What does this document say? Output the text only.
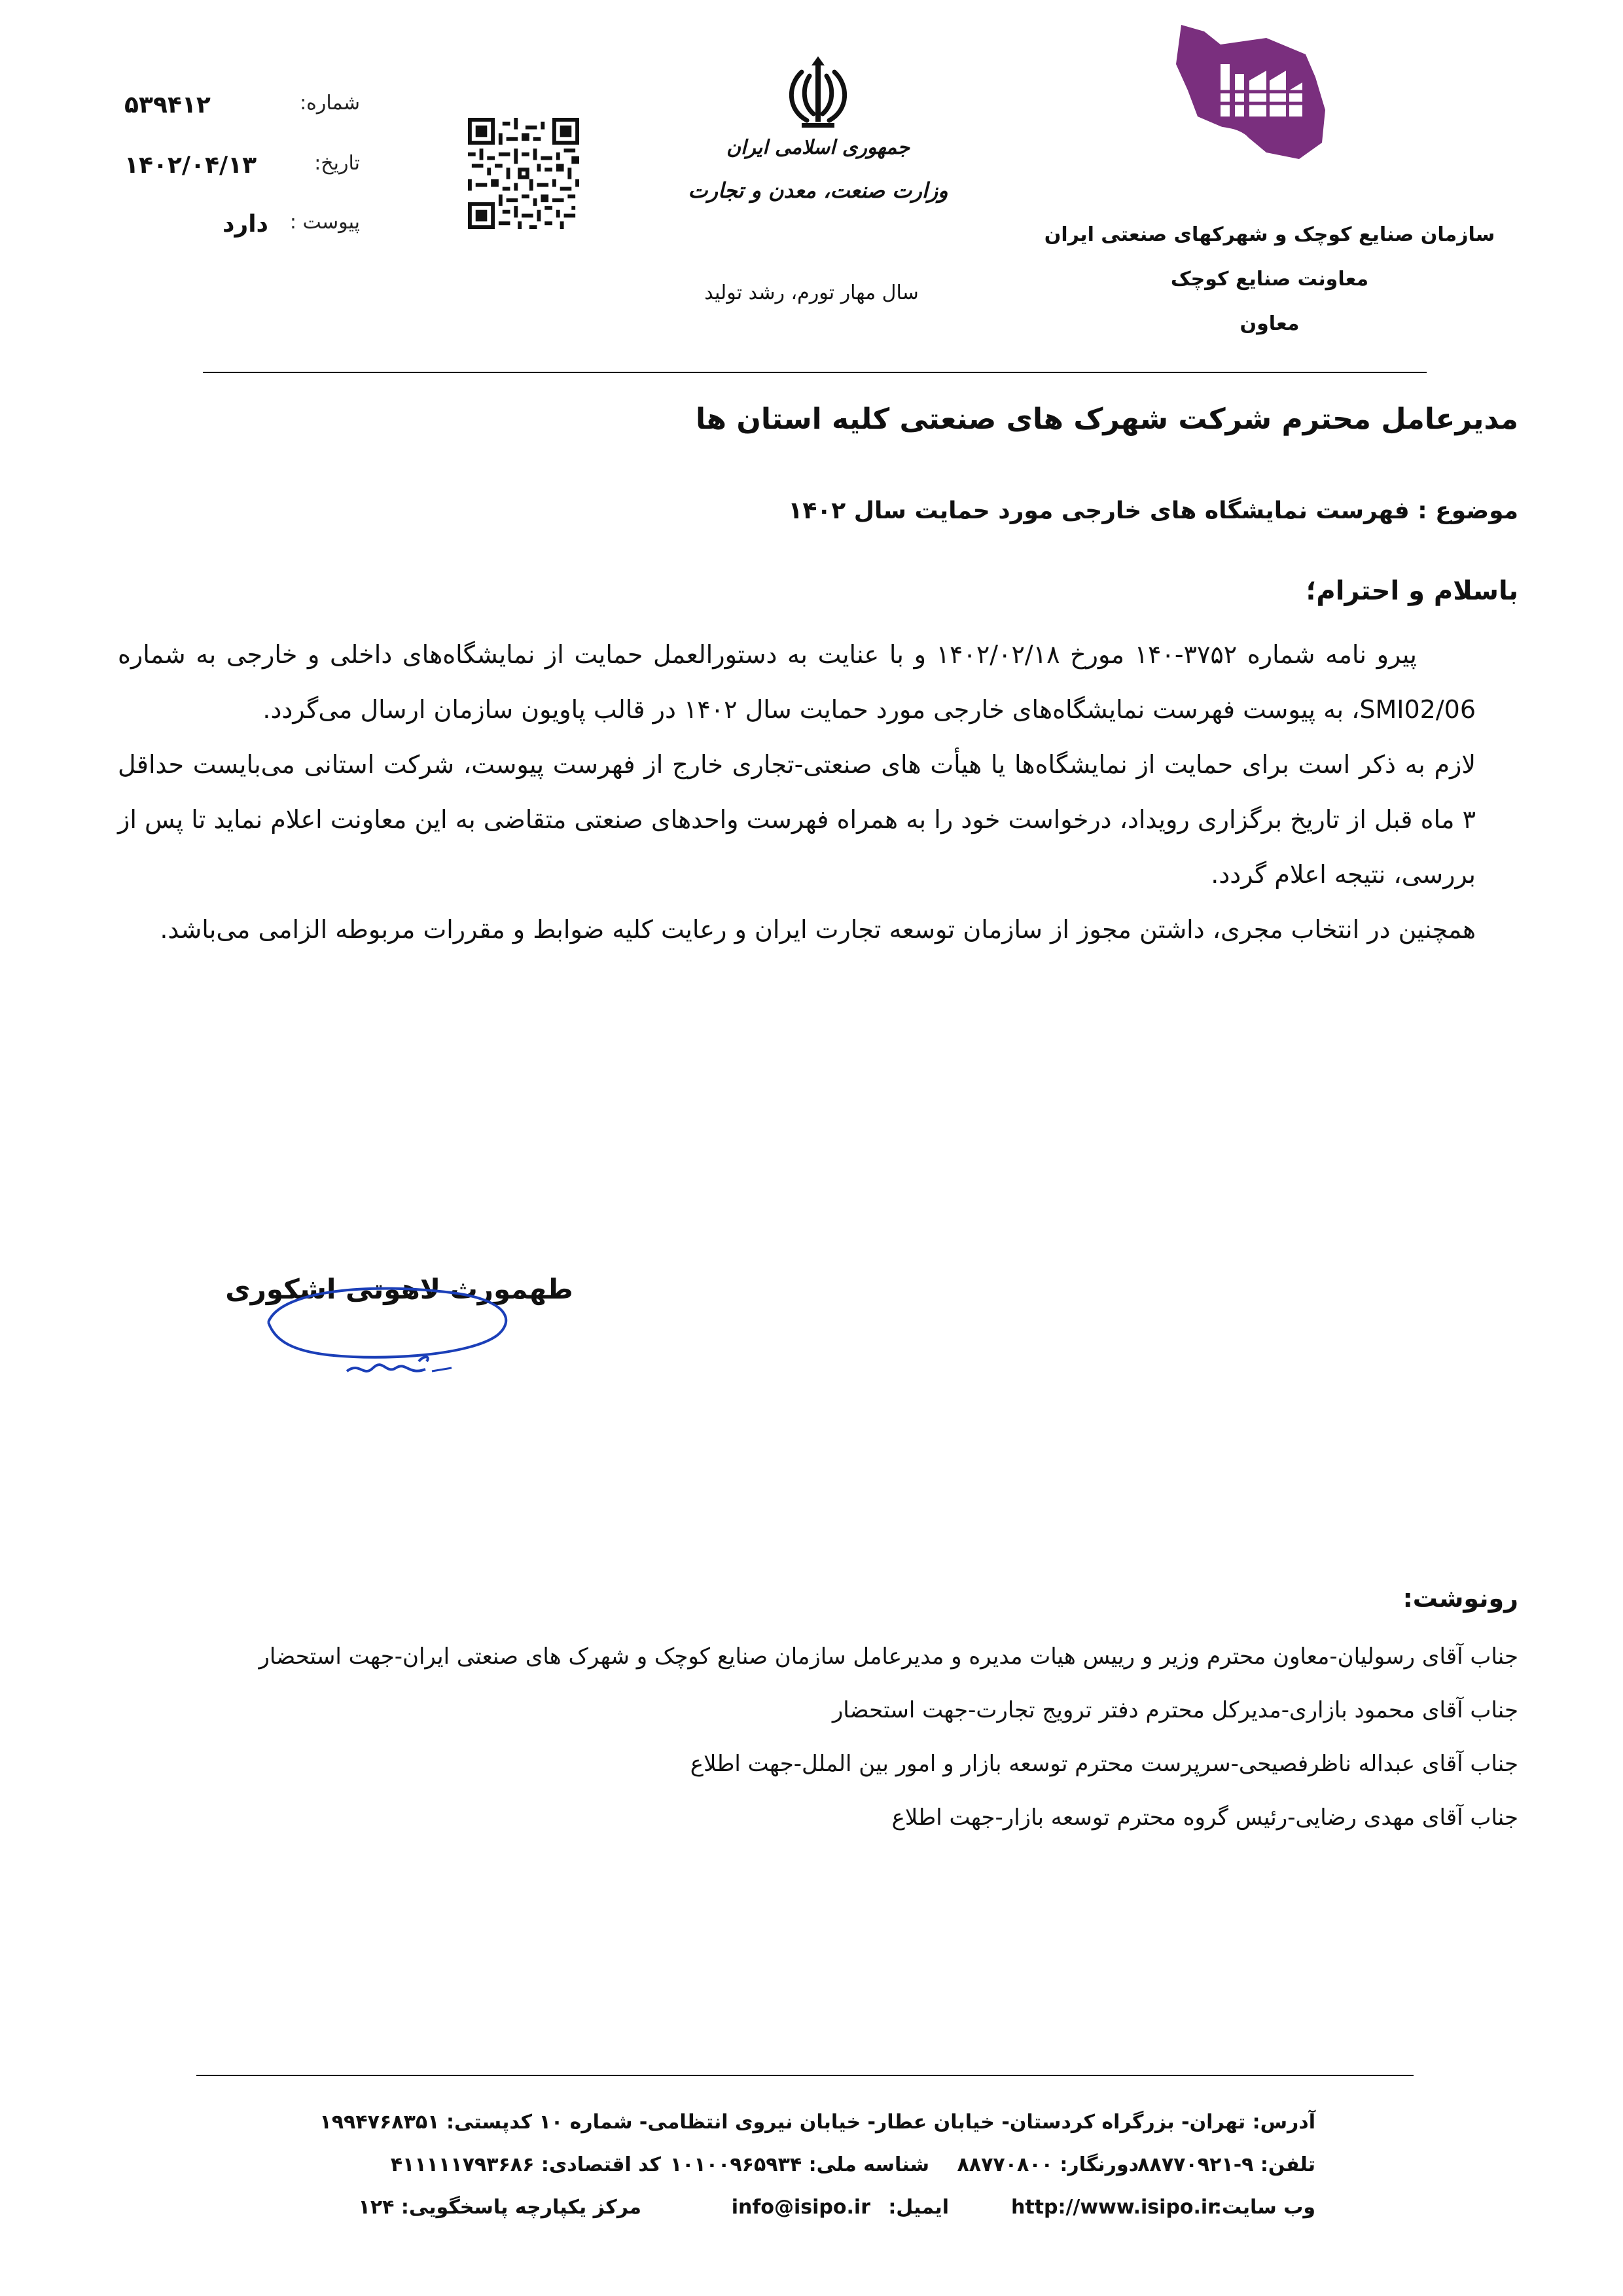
شماره:
۵۳۹۴۱۲
تاریخ:
۱۴۰۲/۰۴/۱۳
پیوست :
دارد
جمهوری اسلامی ایران
وزارت صنعت، معدن و تجارت
سال مهار تورم، رشد تولید
سازمان صنایع کوچک و شهرکهای صنعتی ایران
معاونت صنایع کوچک
معاون
مدیرعامل محترم شرکت شهرک های صنعتی کلیه استان ها
موضوع : فهرست نمایشگاه های خارجی مورد حمایت سال ۱۴۰۲
باسلام و احترام؛

پیرو نامه شماره ۳۷۵۲-۱۴۰ مورخ ۱۴۰۲/۰۲/۱۸ و با عنایت به دستورالعمل حمایت از نمایشگاه‌های داخلی و خارجی به شماره SMI02/06، به پیوست فهرست نمایشگاه‌های خارجی مورد حمایت سال ۱۴۰۲ در قالب پاویون سازمان ارسال می‌گردد.

لازم به ذکر است برای حمایت از نمایشگاه‌ها یا هیأت های صنعتی-تجاری خارج از فهرست پیوست، شرکت استانی می‌بایست حداقل ۳ ماه قبل از تاریخ برگزاری رویداد، درخواست خود را به همراه فهرست واحدهای صنعتی متقاضی به این معاونت اعلام نماید تا پس از بررسی، نتیجه اعلام گردد.

همچنین در انتخاب مجری، داشتن مجوز از سازمان توسعه تجارت ایران و رعایت کلیه ضوابط و مقررات مربوطه الزامی می‌باشد.

طهمورث لاهوتی اشکوری
رونوشت:
جناب آقای رسولیان-معاون محترم وزیر و رییس هیات مدیره و مدیرعامل سازمان صنایع کوچک و شهرک های صنعتی ایران-جهت استحضار
جناب آقای محمود بازاری-مدیرکل محترم دفتر ترویج تجارت-جهت استحضار
جناب آقای عبداله ناظرفصیحی-سرپرست محترم توسعه بازار و امور بین الملل-جهت اطلاع
جناب آقای مهدی رضایی-رئیس گروه محترم توسعه بازار-جهت اطلاع
آدرس: تهران- بزرگراه کردستان- خیابان عطار- خیابان نیروی انتظامی- شماره ۱۰ کدپستی: ۱۹۹۴۷۶۸۳۵۱
تلفن: ۹-۸۸۷۷۰۹۲۱
دورنگار: ۸۸۷۷۰۸۰۰
شناسه ملی: ۱۰۱۰۰۹۶۵۹۳۴
کد اقتصادی: ۴۱۱۱۱۱۷۹۳۶۸۶
وب سایت:
http://www.isipo.ir
ایمیل:
info@isipo.ir
مرکز یکپارچه پاسخگویی: ۱۲۴
